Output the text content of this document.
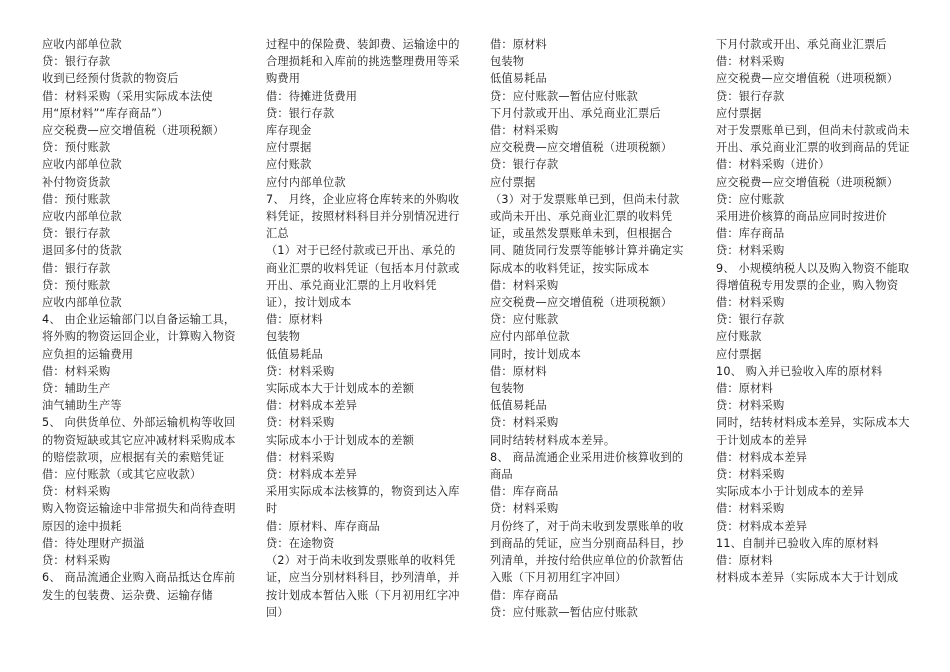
应收内部单位款

贷：银行存款

收到已经预付货款的物资后

借：材料采购（采用实际成本法使用“原材料”“库存商品”）

应交税费—应交增值税（进项税额）

贷：预付账款

应收内部单位款

补付物资货款

借：预付账款

应收内部单位款

贷：银行存款

退回多付的货款

借：银行存款

贷：预付账款

应收内部单位款

4、 由企业运输部门以自备运输工具，将外购的物资运回企业，计算购入物资应负担的运输费用

借：材料采购

贷：辅助生产

油气辅助生产等

5、 向供货单位、外部运输机构等收回的物资短缺或其它应冲减材料采购成本的赔偿款项，应根据有关的索赔凭证

借：应付账款（或其它应收款）

贷：材料采购

购入物资运输途中非常损失和尚待查明原因的途中损耗

借：待处理财产损溢

贷：材料采购

6、 商品流通企业购入商品抵达仓库前发生的包装费、运杂费、运输存储

过程中的保险费、装卸费、运输途中的合理损耗和入库前的挑选整理费用等采购费用

借：待摊进货费用

贷：银行存款

库存现金

应付票据

应付账款

应付内部单位款

7、 月终，企业应将仓库转来的外购收料凭证，按照材料科目并分别情况进行汇总

（1）对于已经付款或已开出、承兑的商业汇票的收料凭证（包括本月付款或开出、承兑商业汇票的上月收料凭证），按计划成本

借：原材料

包装物

低值易耗品

贷：材料采购

实际成本大于计划成本的差额

借：材料成本差异

贷：材料采购

实际成本小于计划成本的差额

借：材料采购

贷：材料成本差异

采用实际成本法核算的，物资到达入库时

借：原材料、库存商品

贷：在途物资

（2）对于尚未收到发票账单的收料凭证，应当分别材料科目，抄列清单，并按计划成本暂估入账（下月初用红字冲回）

借：原材料

包装物

低值易耗品

贷：应付账款—暂估应付账款

下月付款或开出、承兑商业汇票后

借：材料采购

应交税费—应交增值税（进项税额）

贷：银行存款

应付票据

（3）对于发票账单已到，但尚未付款或尚未开出、承兑商业汇票的收料凭证，或虽然发票账单未到，但根据合同、随货同行发票等能够计算并确定实际成本的收料凭证，按实际成本

借：材料采购

应交税费—应交增值税（进项税额）

贷：应付账款

应付内部单位款

同时，按计划成本

借：原材料

包装物

低值易耗品

贷：材料采购

同时结转材料成本差异。

8、 商品流通企业采用进价核算收到的商品

借：库存商品

贷：材料采购

月份终了，对于尚未收到发票账单的收到商品的凭证，应当分别商品科目，抄列清单，并按付给供应单位的价款暂估入账（下月初用红字冲回）

借：库存商品

贷：应付账款—暂估应付账款

下月付款或开出、承兑商业汇票后

借：材料采购

应交税费—应交增值税（进项税额）

贷：银行存款

应付票据

对于发票账单已到，但尚未付款或尚未开出、承兑商业汇票的收到商品的凭证

借：材料采购（进价）

应交税费—应交增值税（进项税额）

贷：应付账款

采用进价核算的商品应同时按进价

借：库存商品

贷：材料采购

9、 小规模纳税人以及购入物资不能取得增值税专用发票的企业，购入物资

借：材料采购

贷：银行存款

应付账款

应付票据

10、 购入并已验收入库的原材料

借：原材料

贷：材料采购

同时，结转材料成本差异，实际成本大于计划成本的差异

借：材料成本差异

贷：材料采购

实际成本小于计划成本的差异

借：材料采购

贷：材料成本差异

11、自制并已验收入库的原材料

借：原材料

材料成本差异（实际成本大于计划成
